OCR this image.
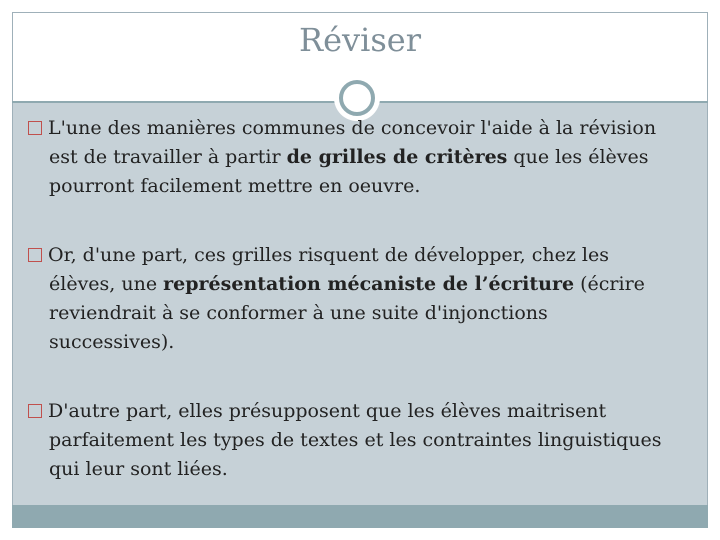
Réviser
L'une des manières communes de concevoir l'aide à la révision est de travailler à partir de grilles de critères que les élèves pourront facilement mettre en oeuvre.
Or, d'une part, ces grilles risquent de développer, chez les élèves, une représentation mécaniste de l’écriture (écrire reviendrait à se conformer à une suite d'injonctions successives).
D'autre part, elles présupposent que les élèves maitrisent parfaitement les types de textes et les contraintes linguistiques qui leur sont liées.
